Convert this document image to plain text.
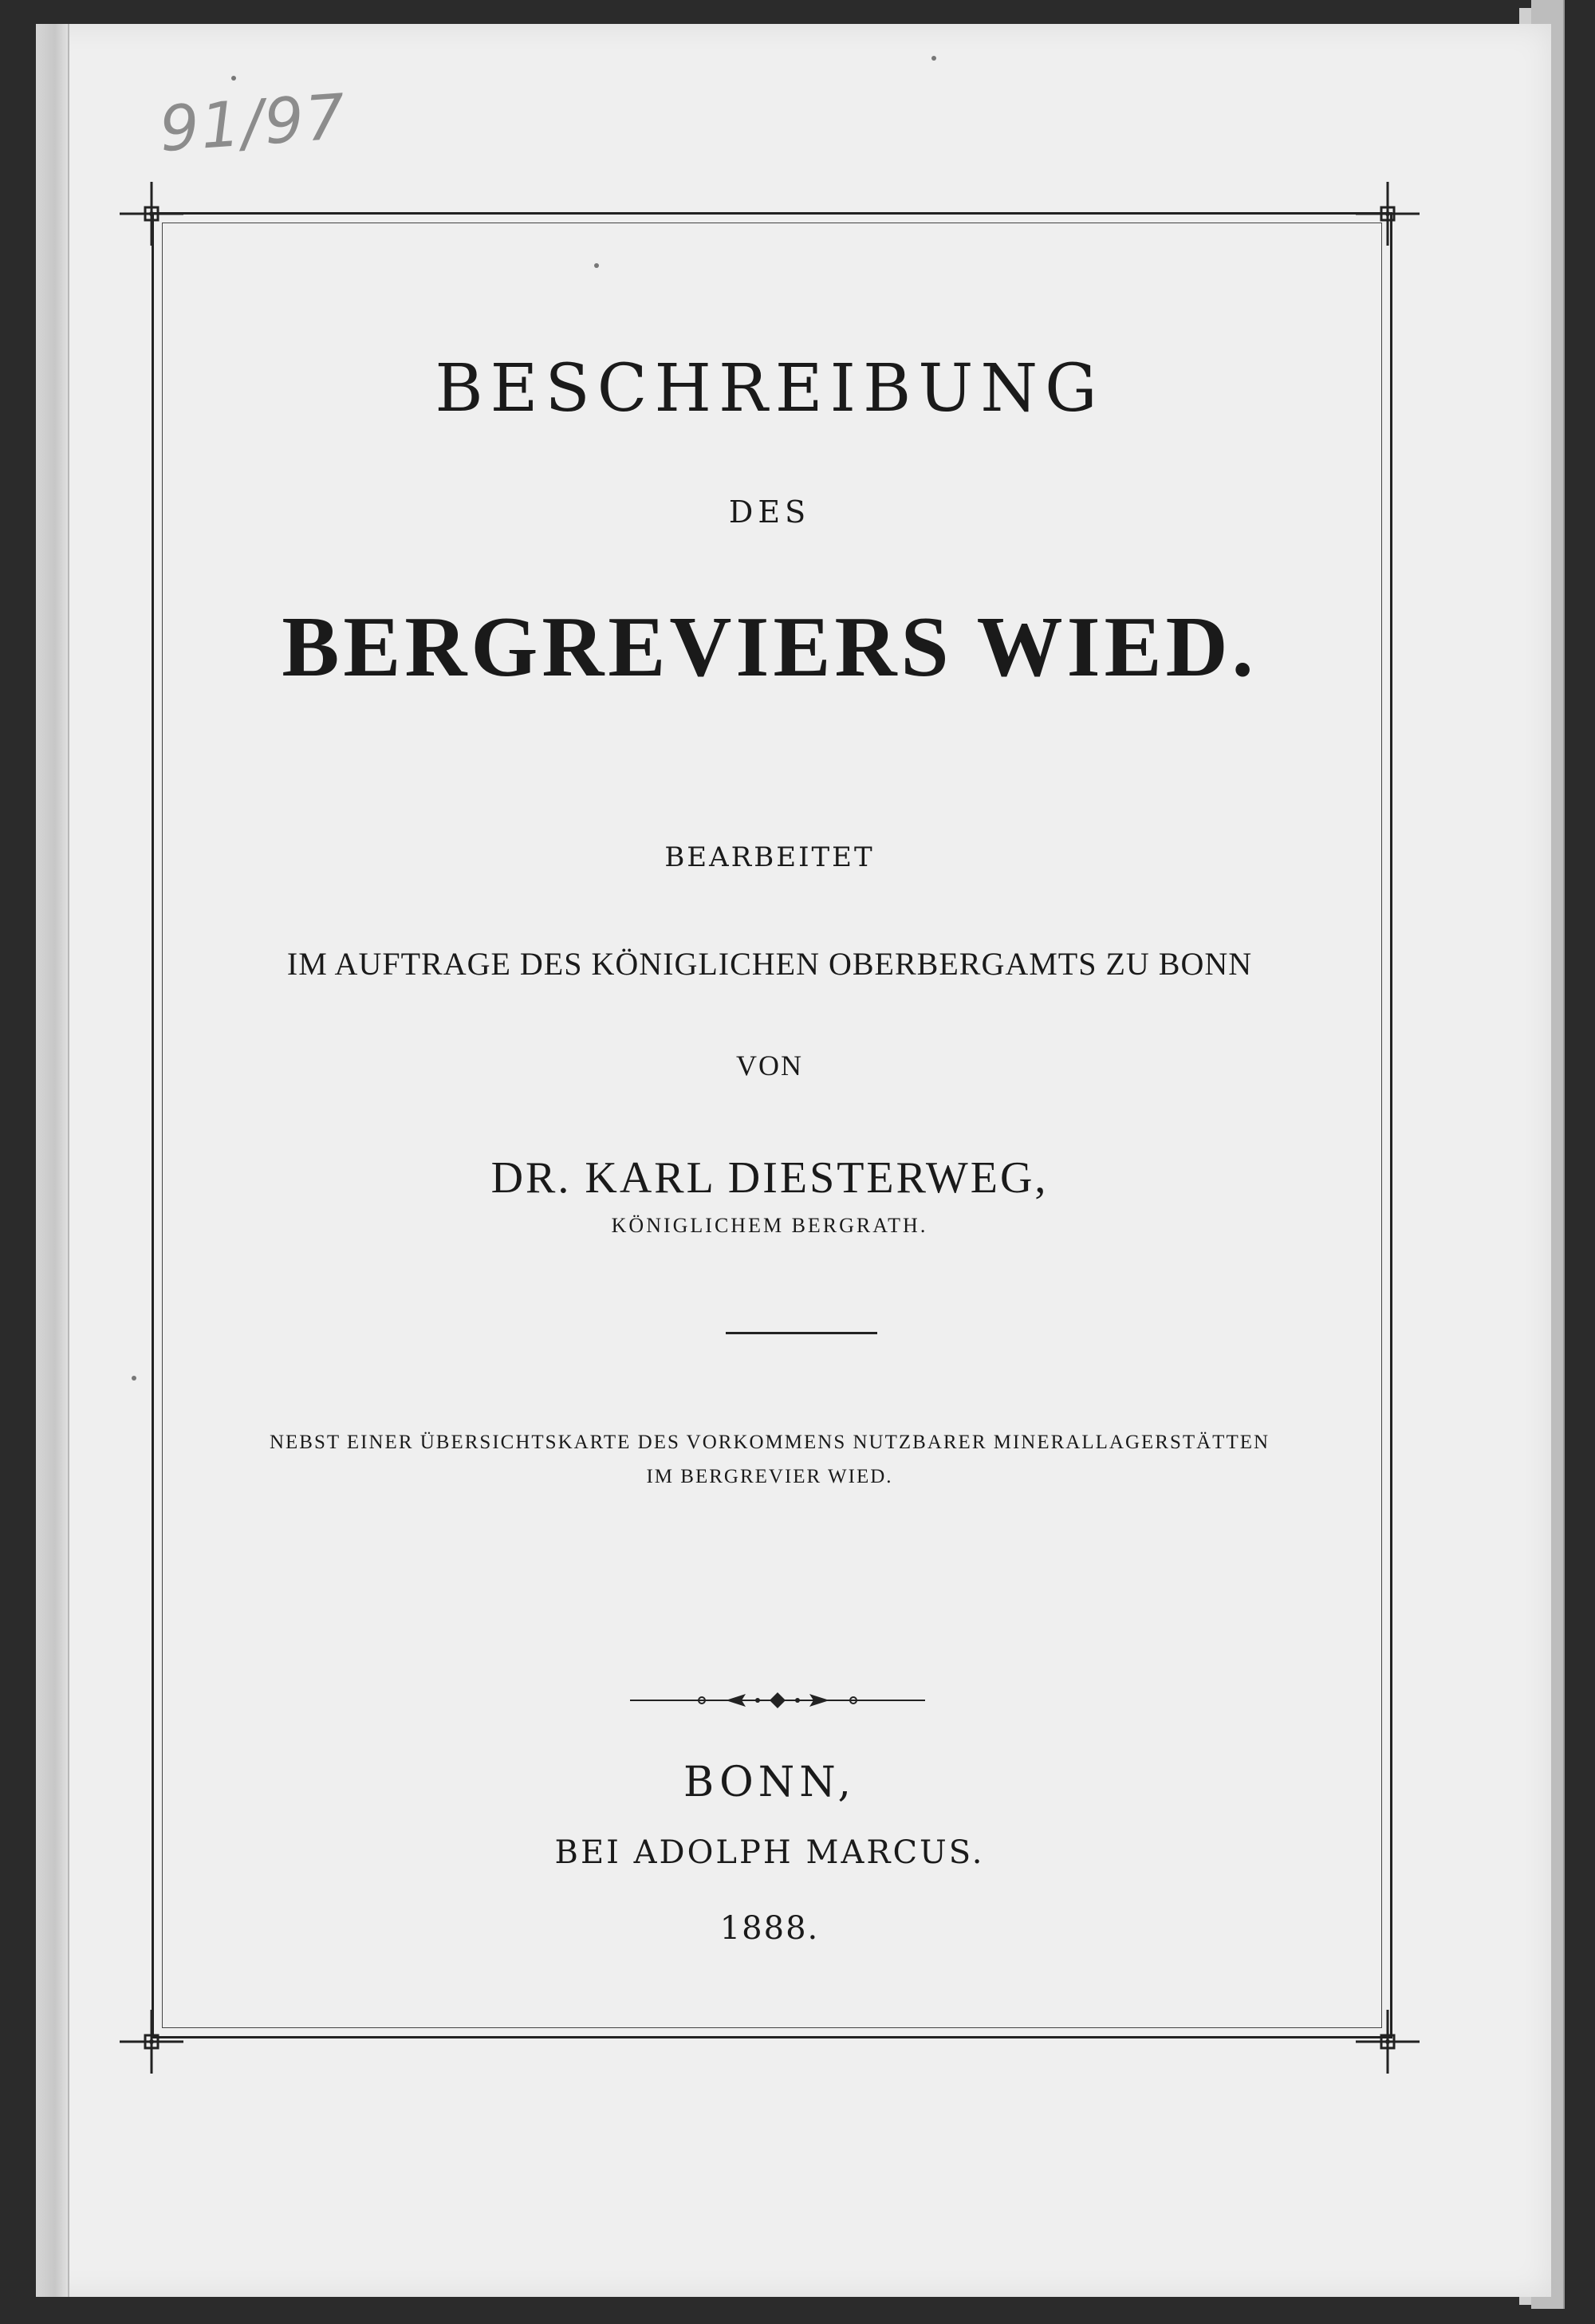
91/97
BESCHREIBUNG
DES
BERGREVIERS WIED.
BEARBEITET
IM AUFTRAGE DES KÖNIGLICHEN OBERBERGAMTS ZU BONN
VON
DR. KARL DIESTERWEG,
KÖNIGLICHEM BERGRATH.
NEBST EINER ÜBERSICHTSKARTE DES VORKOMMENS NUTZBARER MINERALLAGERSTÄTTEN
IM BERGREVIER WIED.
BONN,
BEI ADOLPH MARCUS.
1888.
